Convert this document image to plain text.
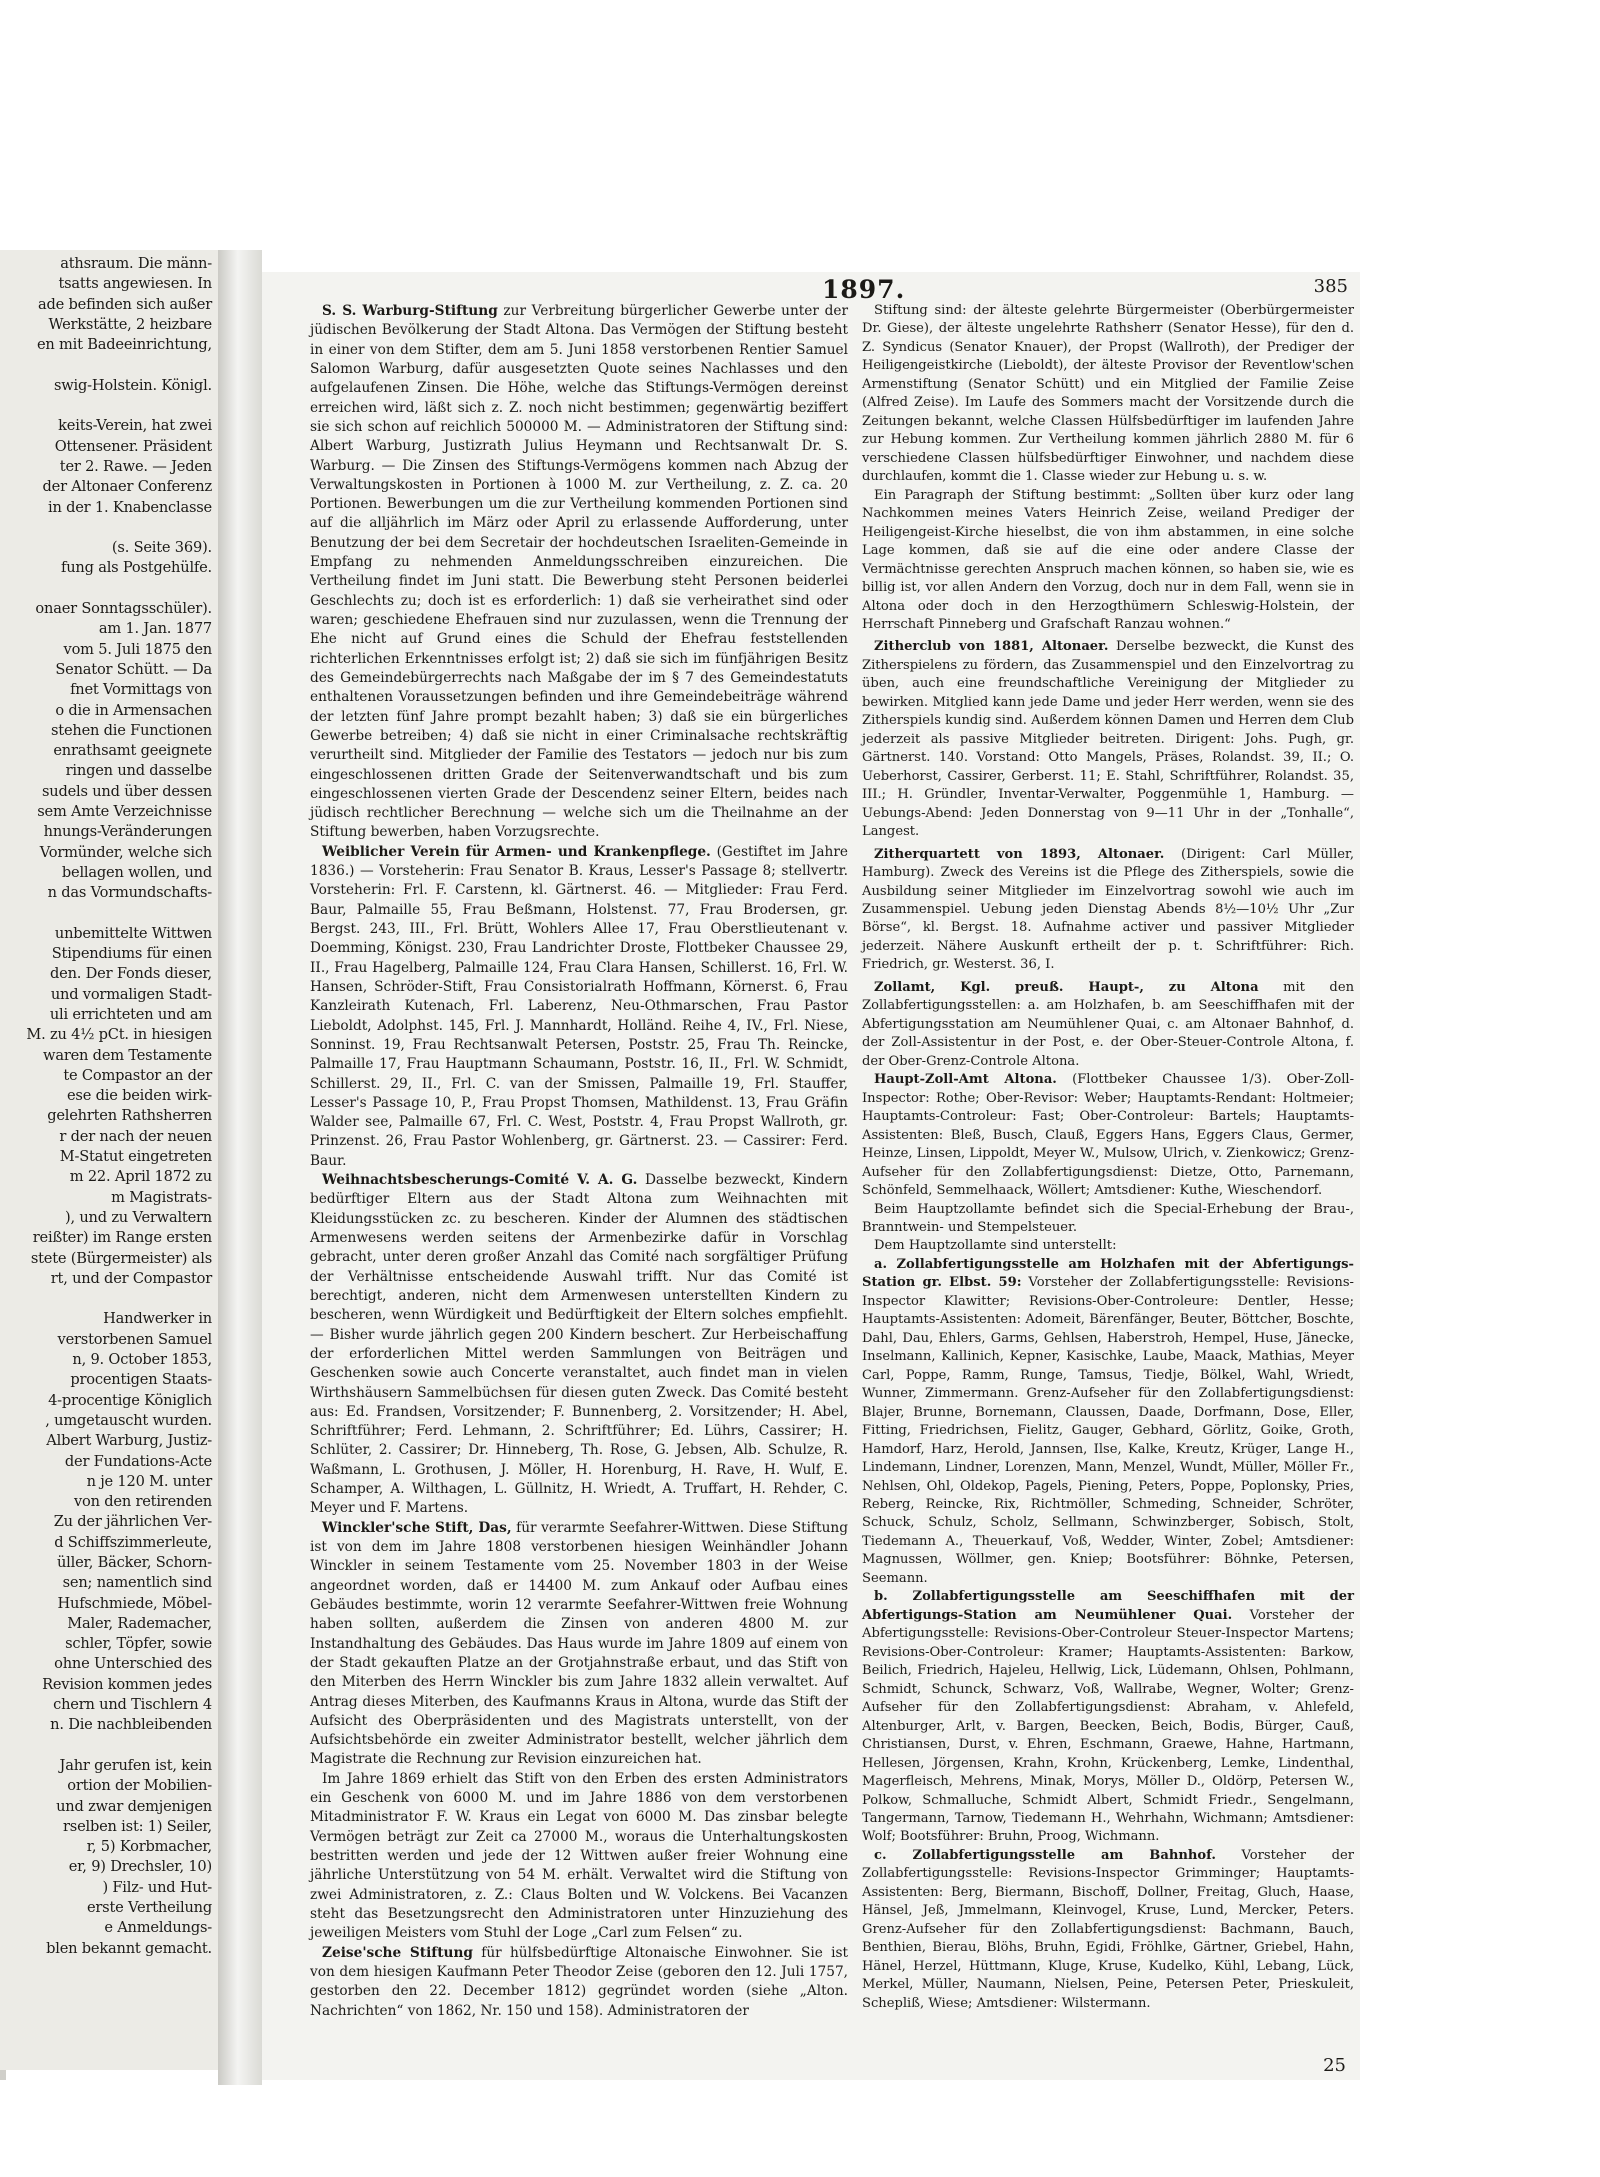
athsraum. Die männ-
tsatts angewiesen. In
ade befinden sich außer
Werkstätte, 2 heizbare
en mit Badeeinrichtung,

swig-Holstein. Königl.

keits-Verein, hat zwei
Ottensener. Präsident
ter 2. Rawe. — Jeden
der Altonaer Conferenz
in der 1. Knabenclasse

(s. Seite 369).
fung als Postgehülfe.

onaer Sonntagsschüler).
am 1. Jan. 1877
vom 5. Juli 1875 den
Senator Schütt. — Da
fnet Vormittags von
o die in Armensachen
stehen die Functionen
enrathsamt geeignete
ringen und dasselbe
sudels und über dessen
sem Amte Verzeichnisse
hnungs-Veränderungen
Vormünder, welche sich
bellagen wollen, und
n das Vormundschafts-

unbemittelte Wittwen
Stipendiums für einen
den. Der Fonds dieser,
und vormaligen Stadt-
uli errichteten und am
M. zu 4½ pCt. in hiesigen
waren dem Testamente
te Compastor an der
ese die beiden wirk-
gelehrten Rathsherren
r der nach der neuen
M-Statut eingetreten
m 22. April 1872 zu
m Magistrats-
), und zu Verwaltern
reißter) im Range ersten
stete (Bürgermeister) als
rt, und der Compastor

Handwerker in
verstorbenen Samuel
n, 9. October 1853,
procentigen Staats-
4-procentige Königlich
, umgetauscht wurden.
Albert Warburg, Justiz-
der Fundations-Acte
n je 120 M. unter
von den retirenden
Zu der jährlichen Ver-
d Schiffszimmerleute,
üller, Bäcker, Schorn-
sen; namentlich sind
Hufschmiede, Möbel-
Maler, Rademacher,
schler, Töpfer, sowie
ohne Unterschied des
Revision kommen jedes
chern und Tischlern 4
n. Die nachbleibenden

Jahr gerufen ist, kein
ortion der Mobilien-
und zwar demjenigen
rselben ist: 1) Seiler,
r, 5) Korbmacher,
er, 9) Drechsler, 10)
) Filz- und Hut-
erste Vertheilung
e Anmeldungs-
blen bekannt gemacht.
1897.	385

S. S. Warburg-Stiftung zur Verbreitung bürgerlicher Gewerbe unter der jüdischen Bevölkerung der Stadt Altona. Das Vermögen der Stiftung besteht in einer von dem Stifter, dem am 5. Juni 1858 verstorbenen Rentier Samuel Salomon Warburg, dafür ausgesetzten Quote seines Nachlasses und den aufgelaufenen Zinsen. Die Höhe, welche das Stiftungs-Vermögen dereinst erreichen wird, läßt sich z. Z. noch nicht bestimmen; gegenwärtig beziffert sie sich schon auf reichlich 500000 M. — Administratoren der Stiftung sind: Albert Warburg, Justizrath Julius Heymann und Rechtsanwalt Dr. S. Warburg. — Die Zinsen des Stiftungs-Vermögens kommen nach Abzug der Verwaltungskosten in Portionen à 1000 M. zur Vertheilung, z. Z. ca. 20 Portionen. Bewerbungen um die zur Vertheilung kommenden Portionen sind auf die alljährlich im März oder April zu erlassende Aufforderung, unter Benutzung der bei dem Secretair der hochdeutschen Israeliten-Gemeinde in Empfang zu nehmenden Anmeldungsschreiben einzureichen. Die Vertheilung findet im Juni statt. Die Bewerbung steht Personen beiderlei Geschlechts zu; doch ist es erforderlich: 1) daß sie verheirathet sind oder waren; geschiedene Ehefrauen sind nur zuzulassen, wenn die Trennung der Ehe nicht auf Grund eines die Schuld der Ehefrau feststellenden richterlichen Erkenntnisses erfolgt ist; 2) daß sie sich im fünfjährigen Besitz des Gemeindebürgerrechts nach Maßgabe der im § 7 des Gemeindestatuts enthaltenen Voraussetzungen befinden und ihre Gemeindebeiträge während der letzten fünf Jahre prompt bezahlt haben; 3) daß sie ein bürgerliches Gewerbe betreiben; 4) daß sie nicht in einer Criminalsache rechtskräftig verurtheilt sind. Mitglieder der Familie des Testators — jedoch nur bis zum eingeschlossenen dritten Grade der Seitenverwandtschaft und bis zum eingeschlossenen vierten Grade der Descendenz seiner Eltern, beides nach jüdisch rechtlicher Berechnung — welche sich um die Theilnahme an der Stiftung bewerben, haben Vorzugsrechte.

Weiblicher Verein für Armen- und Krankenpflege. (Gestiftet im Jahre 1836.) — Vorsteherin: Frau Senator B. Kraus, Lesser's Passage 8; stellvertr. Vorsteherin: Frl. F. Carstenn, kl. Gärtnerst. 46. — Mitglieder: Frau Ferd. Baur, Palmaille 55, Frau Beßmann, Holstenst. 77, Frau Brodersen, gr. Bergst. 243, III., Frl. Brütt, Wohlers Allee 17, Frau Oberstlieutenant v. Doemming, Königst. 230, Frau Landrichter Droste, Flottbeker Chaussee 29, II., Frau Hagelberg, Palmaille 124, Frau Clara Hansen, Schillerst. 16, Frl. W. Hansen, Schröder-Stift, Frau Consistorialrath Hoffmann, Körnerst. 6, Frau Kanzleirath Kutenach, Frl. Laberenz, Neu-Othmarschen, Frau Pastor Lieboldt, Adolphst. 145, Frl. J. Mannhardt, Holländ. Reihe 4, IV., Frl. Niese, Sonninst. 19, Frau Rechtsanwalt Petersen, Poststr. 25, Frau Th. Reincke, Palmaille 17, Frau Hauptmann Schaumann, Poststr. 16, II., Frl. W. Schmidt, Schillerst. 29, II., Frl. C. van der Smissen, Palmaille 19, Frl. Stauffer, Lesser's Passage 10, P., Frau Propst Thomsen, Mathildenst. 13, Frau Gräfin Walder see, Palmaille 67, Frl. C. West, Poststr. 4, Frau Propst Wallroth, gr. Prinzenst. 26, Frau Pastor Wohlenberg, gr. Gärtnerst. 23. — Cassirer: Ferd. Baur.

Weihnachtsbescherungs-Comité V. A. G. Dasselbe bezweckt, Kindern bedürftiger Eltern aus der Stadt Altona zum Weihnachten mit Kleidungsstücken zc. zu bescheren. Kinder der Alumnen des städtischen Armenwesens werden seitens der Armenbezirke dafür in Vorschlag gebracht, unter deren großer Anzahl das Comité nach sorgfältiger Prüfung der Verhältnisse entscheidende Auswahl trifft. Nur das Comité ist berechtigt, anderen, nicht dem Armenwesen unterstellten Kindern zu bescheren, wenn Würdigkeit und Bedürftigkeit der Eltern solches empfiehlt. — Bisher wurde jährlich gegen 200 Kindern beschert. Zur Herbeischaffung der erforderlichen Mittel werden Sammlungen von Beiträgen und Geschenken sowie auch Concerte veranstaltet, auch findet man in vielen Wirthshäusern Sammelbüchsen für diesen guten Zweck. Das Comité besteht aus: Ed. Frandsen, Vorsitzender; F. Bunnenberg, 2. Vorsitzender; H. Abel, Schriftführer; Ferd. Lehmann, 2. Schriftführer; Ed. Lührs, Cassirer; H. Schlüter, 2. Cassirer; Dr. Hinneberg, Th. Rose, G. Jebsen, Alb. Schulze, R. Waßmann, L. Grothusen, J. Möller, H. Horenburg, H. Rave, H. Wulf, E. Schamper, A. Wilthagen, L. Güllnitz, H. Wriedt, A. Truffart, H. Rehder, C. Meyer und F. Martens.

Winckler'sche Stift, Das, für verarmte Seefahrer-Wittwen. Diese Stiftung ist von dem im Jahre 1808 verstorbenen hiesigen Weinhändler Johann Winckler in seinem Testamente vom 25. November 1803 in der Weise angeordnet worden, daß er 14400 M. zum Ankauf oder Aufbau eines Gebäudes bestimmte, worin 12 verarmte Seefahrer-Wittwen freie Wohnung haben sollten, außerdem die Zinsen von anderen 4800 M. zur Instandhaltung des Gebäudes. Das Haus wurde im Jahre 1809 auf einem von der Stadt gekauften Platze an der Grotjahnstraße erbaut, und das Stift von den Miterben des Herrn Winckler bis zum Jahre 1832 allein verwaltet. Auf Antrag dieses Miterben, des Kaufmanns Kraus in Altona, wurde das Stift der Aufsicht des Oberpräsidenten und des Magistrats unterstellt, von der Aufsichtsbehörde ein zweiter Administrator bestellt, welcher jährlich dem Magistrate die Rechnung zur Revision einzureichen hat.

Im Jahre 1869 erhielt das Stift von den Erben des ersten Administrators ein Geschenk von 6000 M. und im Jahre 1886 von dem verstorbenen Mitadministrator F. W. Kraus ein Legat von 6000 M. Das zinsbar belegte Vermögen beträgt zur Zeit ca 27000 M., woraus die Unterhaltungskosten bestritten werden und jede der 12 Wittwen außer freier Wohnung eine jährliche Unterstützung von 54 M. erhält. Verwaltet wird die Stiftung von zwei Administratoren, z. Z.: Claus Bolten und W. Volckens. Bei Vacanzen steht das Besetzungsrecht den Administratoren unter Hinzuziehung des jeweiligen Meisters vom Stuhl der Loge „Carl zum Felsen“ zu.

Zeise'sche Stiftung für hülfsbedürftige Altonaische Einwohner. Sie ist von dem hiesigen Kaufmann Peter Theodor Zeise (geboren den 12. Juli 1757, gestorben den 22. December 1812) gegründet worden (siehe „Alton. Nachrichten“ von 1862, Nr. 150 und 158). Administratoren der

Stiftung sind: der älteste gelehrte Bürgermeister (Oberbürgermeister Dr. Giese), der älteste ungelehrte Rathsherr (Senator Hesse), für den d. Z. Syndicus (Senator Knauer), der Propst (Wallroth), der Prediger der Heiligengeistkirche (Lieboldt), der älteste Provisor der Reventlow'schen Armenstiftung (Senator Schütt) und ein Mitglied der Familie Zeise (Alfred Zeise). Im Laufe des Sommers macht der Vorsitzende durch die Zeitungen bekannt, welche Classen Hülfsbedürftiger im laufenden Jahre zur Hebung kommen. Zur Vertheilung kommen jährlich 2880 M. für 6 verschiedene Classen hülfsbedürftiger Einwohner, und nachdem diese durchlaufen, kommt die 1. Classe wieder zur Hebung u. s. w.

Ein Paragraph der Stiftung bestimmt: „Sollten über kurz oder lang Nachkommen meines Vaters Heinrich Zeise, weiland Prediger der Heiligengeist-Kirche hieselbst, die von ihm abstammen, in eine solche Lage kommen, daß sie auf die eine oder andere Classe der Vermächtnisse gerechten Anspruch machen können, so haben sie, wie es billig ist, vor allen Andern den Vorzug, doch nur in dem Fall, wenn sie in Altona oder doch in den Herzogthümern Schleswig-Holstein, der Herrschaft Pinneberg und Grafschaft Ranzau wohnen.“

Zitherclub von 1881, Altonaer. Derselbe bezweckt, die Kunst des Zitherspielens zu fördern, das Zusammenspiel und den Einzelvortrag zu üben, auch eine freundschaftliche Vereinigung der Mitglieder zu bewirken. Mitglied kann jede Dame und jeder Herr werden, wenn sie des Zitherspiels kundig sind. Außerdem können Damen und Herren dem Club jederzeit als passive Mitglieder beitreten. Dirigent: Johs. Pugh, gr. Gärtnerst. 140. Vorstand: Otto Mangels, Präses, Rolandst. 39, II.; O. Ueberhorst, Cassirer, Gerberst. 11; E. Stahl, Schriftführer, Rolandst. 35, III.; H. Gründler, Inventar-Verwalter, Poggenmühle 1, Hamburg. — Uebungs-Abend: Jeden Donnerstag von 9—11 Uhr in der „Tonhalle“, Langest.

Zitherquartett von 1893, Altonaer. (Dirigent: Carl Müller, Hamburg). Zweck des Vereins ist die Pflege des Zitherspiels, sowie die Ausbildung seiner Mitglieder im Einzelvortrag sowohl wie auch im Zusammenspiel. Uebung jeden Dienstag Abends 8½—10½ Uhr „Zur Börse“, kl. Bergst. 18. Aufnahme activer und passiver Mitglieder jederzeit. Nähere Auskunft ertheilt der p. t. Schriftführer: Rich. Friedrich, gr. Westerst. 36, I.

Zollamt, Kgl. preuß. Haupt-, zu Altona mit den Zollabfertigungsstellen: a. am Holzhafen, b. am Seeschiffhafen mit der Abfertigungsstation am Neumühlener Quai, c. am Altonaer Bahnhof, d. der Zoll-Assistentur in der Post, e. der Ober-Steuer-Controle Altona, f. der Ober-Grenz-Controle Altona.

Haupt-Zoll-Amt Altona. (Flottbeker Chaussee 1/3). Ober-Zoll-Inspector: Rothe; Ober-Revisor: Weber; Hauptamts-Rendant: Holtmeier; Hauptamts-Controleur: Fast; Ober-Controleur: Bartels; Hauptamts-Assistenten: Bleß, Busch, Clauß, Eggers Hans, Eggers Claus, Germer, Heinze, Linsen, Lippoldt, Meyer W., Mulsow, Ulrich, v. Zienkowicz; Grenz-Aufseher für den Zollabfertigungsdienst: Dietze, Otto, Parnemann, Schönfeld, Semmelhaack, Wöllert; Amtsdiener: Kuthe, Wieschendorf.

Beim Hauptzollamte befindet sich die Special-Erhebung der Brau-, Branntwein- und Stempelsteuer.

Dem Hauptzollamte sind unterstellt:

a. Zollabfertigungsstelle am Holzhafen mit der Abfertigungs-Station gr. Elbst. 59: Vorsteher der Zollabfertigungsstelle: Revisions-Inspector Klawitter; Revisions-Ober-Controleure: Dentler, Hesse; Hauptamts-Assistenten: Adomeit, Bärenfänger, Beuter, Böttcher, Boschte, Dahl, Dau, Ehlers, Garms, Gehlsen, Haberstroh, Hempel, Huse, Jänecke, Inselmann, Kallinich, Kepner, Kasischke, Laube, Maack, Mathias, Meyer Carl, Poppe, Ramm, Runge, Tamsus, Tiedje, Bölkel, Wahl, Wriedt, Wunner, Zimmermann. Grenz-Aufseher für den Zollabfertigungsdienst: Blajer, Brunne, Bornemann, Claussen, Daade, Dorfmann, Dose, Eller, Fitting, Friedrichsen, Fielitz, Gauger, Gebhard, Görlitz, Goike, Groth, Hamdorf, Harz, Herold, Jannsen, Ilse, Kalke, Kreutz, Krüger, Lange H., Lindemann, Lindner, Lorenzen, Mann, Menzel, Wundt, Müller, Möller Fr., Nehlsen, Ohl, Oldekop, Pagels, Piening, Peters, Poppe, Poplonsky, Pries, Reberg, Reincke, Rix, Richtmöller, Schmeding, Schneider, Schröter, Schuck, Schulz, Scholz, Sellmann, Schwinzberger, Sobisch, Stolt, Tiedemann A., Theuerkauf, Voß, Wedder, Winter, Zobel; Amtsdiener: Magnussen, Wöllmer, gen. Kniep; Bootsführer: Böhnke, Petersen, Seemann.

b. Zollabfertigungsstelle am Seeschiffhafen mit der Abfertigungs-Station am Neumühlener Quai. Vorsteher der Abfertigungsstelle: Revisions-Ober-Controleur Steuer-Inspector Martens; Revisions-Ober-Controleur: Kramer; Hauptamts-Assistenten: Barkow, Beilich, Friedrich, Hajeleu, Hellwig, Lick, Lüdemann, Ohlsen, Pohlmann, Schmidt, Schunck, Schwarz, Voß, Wallrabe, Wegner, Wolter; Grenz-Aufseher für den Zollabfertigungsdienst: Abraham, v. Ahlefeld, Altenburger, Arlt, v. Bargen, Beecken, Beich, Bodis, Bürger, Cauß, Christiansen, Durst, v. Ehren, Eschmann, Graewe, Hahne, Hartmann, Hellesen, Jörgensen, Krahn, Krohn, Krückenberg, Lemke, Lindenthal, Magerfleisch, Mehrens, Minak, Morys, Möller D., Oldörp, Petersen W., Polkow, Schmalluche, Schmidt Albert, Schmidt Friedr., Sengelmann, Tangermann, Tarnow, Tiedemann H., Wehrhahn, Wichmann; Amtsdiener: Wolf; Bootsführer: Bruhn, Proog, Wichmann.

c. Zollabfertigungsstelle am Bahnhof. Vorsteher der Zollabfertigungsstelle: Revisions-Inspector Grimminger; Hauptamts-Assistenten: Berg, Biermann, Bischoff, Dollner, Freitag, Gluch, Haase, Hänsel, Jeß, Jmmelmann, Kleinvogel, Kruse, Lund, Mercker, Peters. Grenz-Aufseher für den Zollabfertigungsdienst: Bachmann, Bauch, Benthien, Bierau, Blöhs, Bruhn, Egidi, Fröhlke, Gärtner, Griebel, Hahn, Hänel, Herzel, Hüttmann, Kluge, Kruse, Kudelko, Kühl, Lebang, Lück, Merkel, Müller, Naumann, Nielsen, Peine, Petersen Peter, Prieskuleit, Schepliß, Wiese; Amtsdiener: Wilstermann.

25
